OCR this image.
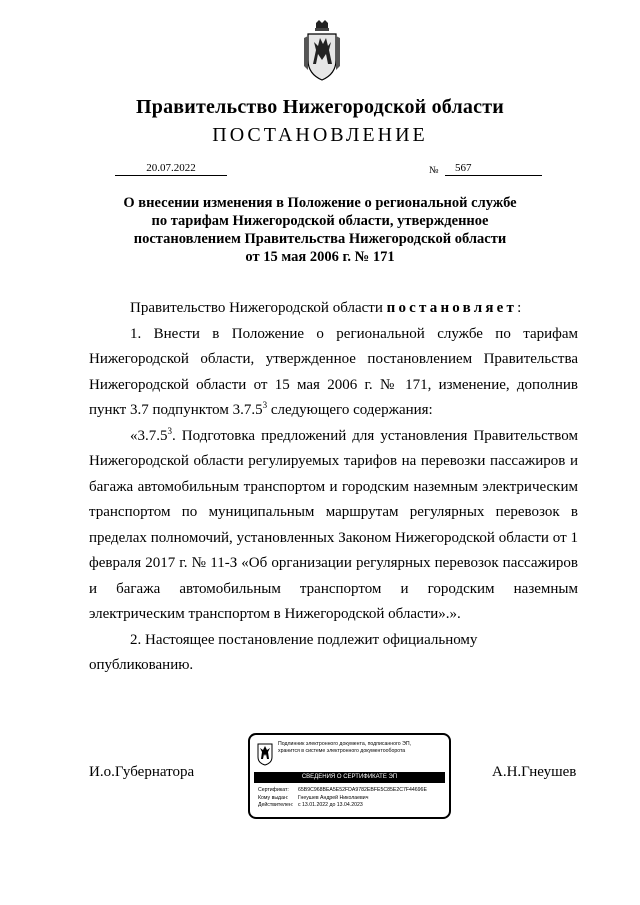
Правительство Нижегородской области
ПОСТАНОВЛЕНИЕ
20.07.2022	№	567
О внесении изменения в Положение о региональной службе
по тарифам Нижегородской области, утвержденное
постановлением Правительства Нижегородской области
от 15 мая 2006 г. № 171

Правительство Нижегородской области постановляет:

1. Внести в Положение о региональной службе по тарифам Нижегородской области, утвержденное постановлением Правительства Нижегородской области от 15 мая 2006 г. № 171, изменение, дополнив пункт 3.7 подпунктом 3.7.5$^3$ следующего содержания:

«3.7.5$^3$. Подготовка предложений для установления Правительством Нижегородской области регулируемых тарифов на перевозки пассажиров и багажа автомобильным транспортом и городским наземным электрическим транспортом по муниципальным маршрутам регулярных перевозок в пределах полномочий, установленных Законом Нижегородской области от 1 февраля 2017 г. № 11-З «Об организации регулярных перевозок пассажиров и багажа автомобильным транспортом и городским наземным электрическим транспортом в Нижегородской области».».

2. Настоящее постановление подлежит официальному

опубликованию.

И.о.Губернатора	А.Н.Гнеушев
Подлинник электронного документа, подписанного ЭП,
хранится в системе электронного документооборота
СВЕДЕНИЯ О СЕРТИФИКАТЕ ЭП
Сертификат: 65B9C968BEA5E52FDA9782EBFE5C85E2C7F44696E
Кому выдан: Гнеушев Андрей Николаевич
Действителен: с 13.01.2022 до 13.04.2023
